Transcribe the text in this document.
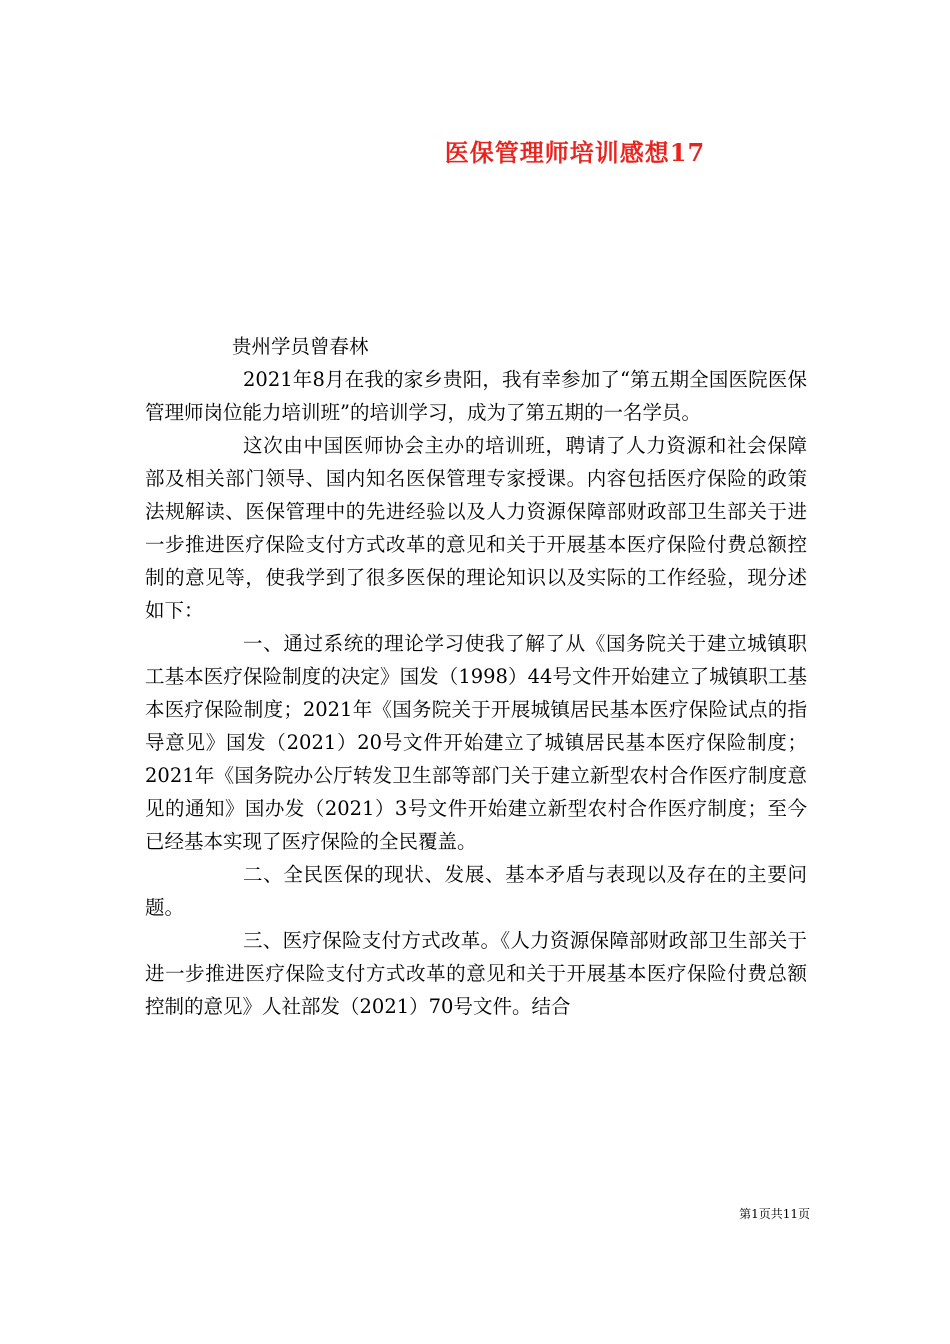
医保管理师培训感想17

贵州学员曾春林

2021年8月在我的家乡贵阳，我有幸参加了“第五期全国医院医保管理师岗位能力培训班”的培训学习，成为了第五期的一名学员。

这次由中国医师协会主办的培训班，聘请了人力资源和社会保障部及相关部门领导、国内知名医保管理专家授课。内容包括医疗保险的政策法规解读、医保管理中的先进经验以及人力资源保障部财政部卫生部关于进一步推进医疗保险支付方式改革的意见和关于开展基本医疗保险付费总额控制的意见等，使我学到了很多医保的理论知识以及实际的工作经验，现分述如下：

一、通过系统的理论学习使我了解了从《国务院关于建立城镇职工基本医疗保险制度的决定》国发（1998）44号文件开始建立了城镇职工基本医疗保险制度；2021年《国务院关于开展城镇居民基本医疗保险试点的指导意见》国发（2021）20号文件开始建立了城镇居民基本医疗保险制度；2021年《国务院办公厅转发卫生部等部门关于建立新型农村合作医疗制度意见的通知》国办发（2021）3号文件开始建立新型农村合作医疗制度；至今已经基本实现了医疗保险的全民覆盖。

二、全民医保的现状、发展、基本矛盾与表现以及存在的主要问题。

三、医疗保险支付方式改革。《人力资源保障部财政部卫生部关于进一步推进医疗保险支付方式改革的意见和关于开展基本医疗保险付费总额控制的意见》人社部发（2021）70号文件。结合

第1页共11页
